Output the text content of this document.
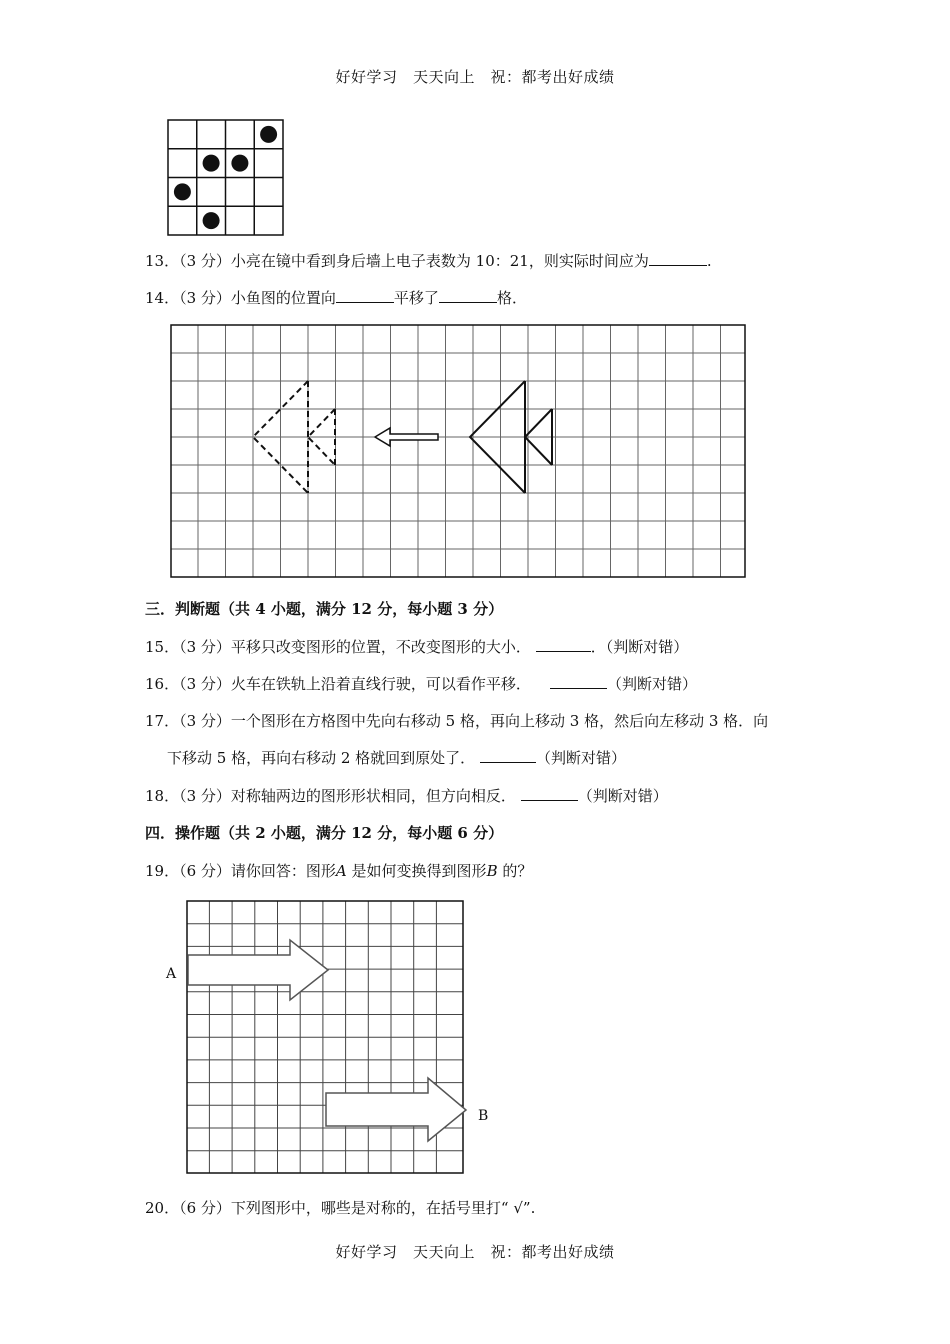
好好学习　天天向上　祝：都考出好成绩
13．（3 分）小亮在镜中看到身后墙上电子表数为 10：21，则实际时间应为	.
14．（3 分）小鱼图的位置向	平移了	格．
三．判断题（共 4 小题，满分 12 分，每小题 3 分）
15．（3 分）平移只改变图形的位置，不改变图形的大小．	．（判断对错）
16．（3 分）火车在铁轨上沿着直线行驶，可以看作平移．	（判断对错）
17．（3 分）一个图形在方格图中先向右移动 5 格，再向上移动 3 格，然后向左移动 3 格．向
下移动 5 格，再向右移动 2 格就回到原处了．	（判断对错）
18．（3 分）对称轴两边的图形形状相同，但方向相反．	（判断对错）
四．操作题（共 2 小题，满分 12 分，每小题 6 分）
19．（6 分）请你回答：图形A 是如何变换得到图形B 的？
A
B
20．（6 分）下列图形中，哪些是对称的，在括号里打“ √”.
好好学习　天天向上　祝：都考出好成绩
